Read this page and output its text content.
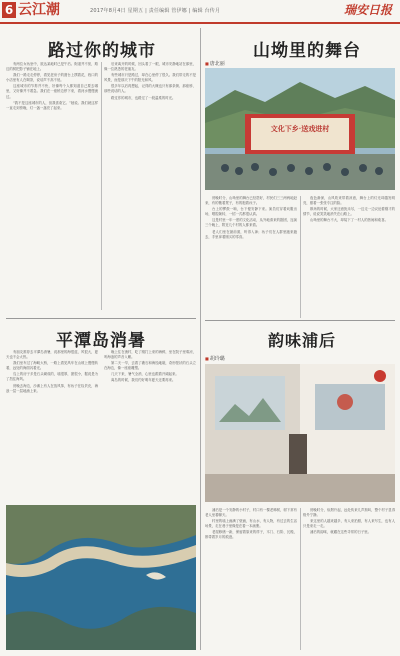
6 云江潮	2017年8月4日 星期五 | 责任编辑 管伊娜 | 编辑 台传月	瑞安日报
路过你的城市

有两位女孩坐中，抵达某地时已是午后。街道并不宽，路边的树把影子铺在地上。

我们一路走走停停，看见老房子的窗台上摆着花，巷口的小店里有人在喝茶，说话声不高不低。

这座城市的节奏并不快，好像每个人都知道自己要去哪里，又好像并不着急。我们在一座桥边停下来，看河水慢慢流过。

“我不是这座城市的人，但我喜欢它。”她说。我们就这样一直走到傍晚，灯一盏一盏亮了起来。

后来离开的时候，回头看了一眼，城市安静地站在那里，像一位熟悉的老朋友。

有些城市只是路过，却在心里停了很久。我们带走的不是风景，而是那天下午的阳光和风。

很多年以后再想起，记得的大概也只有那条街、那座桥、那些说话的人。

路过你的城市，也路过了一段温柔的时光。

山坳里的舞台
■ 唐北丽
文化下乡·送戏进村

傍晚时分，山坳里的舞台已经搭好，村民们三三两两地赶来，有的搬着凳子，有的抱着孩子。

台上的锣鼓一响，台下便安静下来。演员们穿着戏服出场，唱腔婉转，一招一式都很认真。

这是村里一年一度的文化活动，从外地请来的剧团，连演三个晚上，附近几个村的人都来看。

老人们坐在最前面，听得入神；孩子们在人群里跑来跑去，手里拿着刚买的零食。

夜色渐深，山风吹来带着凉意，舞台上的灯光却越发明亮，照着一张张专注的脸。

散场的时候，大家还意犹未尽，一边走一边议论着刚才的情节，说说笑笑地消失在山路上。

山坳里的舞台不大，却装下了一村人的热闹和欢喜。

平潭岛消暑

有朋友推荐去平潭岛消暑，说那里的海很蓝，风很大，夏天也不会太热。

我们坐车过了海峡大桥，一路上看见风车在山坡上慢慢转着，远处的海面闪着光。

岛上的房子多是石头砌成的，墙很厚，窗很小，据说是为了挡住海风。

傍晚去海边，沙滩上有人在放风筝，有孩子在捡贝壳，海浪一层一层地涌上来。

晚上住在渔村，吃了刚打上来的海鲜，坐在院子里乘凉，听海浪的声音入睡。

第二天一早，去看了礁石和海蚀地貌，奇形怪状的石头立在海边，像一座座雕塑。

几天下来，暑气全消，心里也跟着开阔起来。

离岛的时候，我们约好明年夏天还要再来。

韵味浦后
■ 胡玲璐

浦后是一个安静的小村子，村口有一棵老樟树，树下常有老人坐着聊天。

村里的墙上画满了壁画，有山水，有人物，有过去的生活场景，走在巷子里像是在看一本画册。

老屋修缮一新，保留着原来的样子，木门、石阶、瓦檐，都带着岁月的痕迹。

傍晚时分，炊烟升起，远处传来几声狗叫，整个村子显得格外宁静。

来这里的人越来越多，有人来拍照，有人来写生，也有人只是来走一走。

浦后的韵味，就藏在这些寻常的日子里。
